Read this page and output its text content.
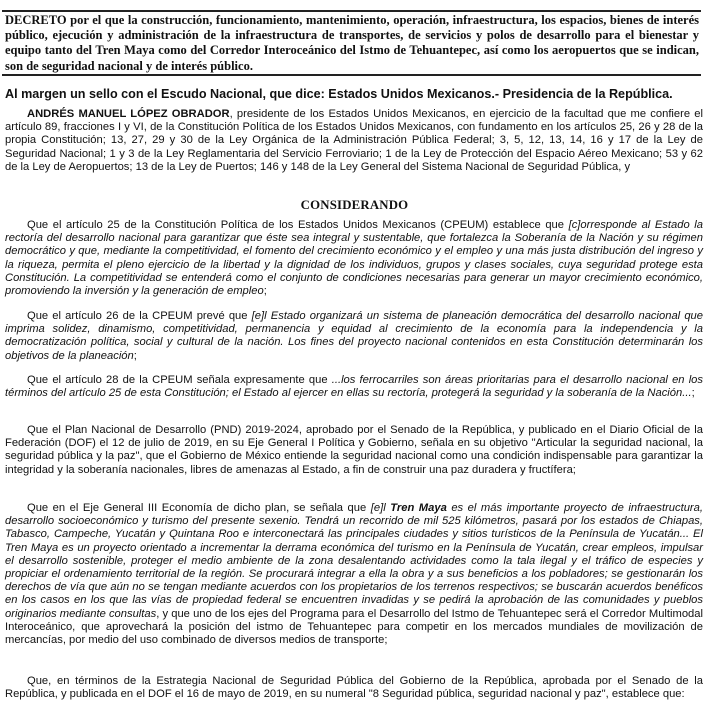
DECRETO por el que la construcción, funcionamiento, mantenimiento, operación, infraestructura, los espacios, bienes de interés público, ejecución y administración de la infraestructura de transportes, de servicios y polos de desarrollo para el bienestar y equipo tanto del Tren Maya como del Corredor Interoceánico del Istmo de Tehuantepec, así como los aeropuertos que se indican, son de seguridad nacional y de interés público.
Al margen un sello con el Escudo Nacional, que dice: Estados Unidos Mexicanos.- Presidencia de la República.

ANDRÉS MANUEL LÓPEZ OBRADOR, presidente de los Estados Unidos Mexicanos, en ejercicio de la facultad que me confiere el artículo 89, fracciones I y VI, de la Constitución Política de los Estados Unidos Mexicanos, con fundamento en los artículos 25, 26 y 28 de la propia Constitución; 13, 27, 29 y 30 de la Ley Orgánica de la Administración Pública Federal; 3, 5, 12, 13, 14, 16 y 17 de la Ley de Seguridad Nacional; 1 y 3 de la Ley Reglamentaria del Servicio Ferroviario; 1 de la Ley de Protección del Espacio Aéreo Mexicano; 53 y 62 de la Ley de Aeropuertos; 13 de la Ley de Puertos; 146 y 148 de la Ley General del Sistema Nacional de Seguridad Pública, y

CONSIDERANDO

Que el artículo 25 de la Constitución Política de los Estados Unidos Mexicanos (CPEUM) establece que [c]orresponde al Estado la rectoría del desarrollo nacional para garantizar que éste sea integral y sustentable, que fortalezca la Soberanía de la Nación y su régimen democrático y que, mediante la competitividad, el fomento del crecimiento económico y el empleo y una más justa distribución del ingreso y la riqueza, permita el pleno ejercicio de la libertad y la dignidad de los individuos, grupos y clases sociales, cuya seguridad protege esta Constitución. La competitividad se entenderá como el conjunto de condiciones necesarias para generar un mayor crecimiento económico, promoviendo la inversión y la generación de empleo;

Que el artículo 26 de la CPEUM prevé que [e]l Estado organizará un sistema de planeación democrática del desarrollo nacional que imprima solidez, dinamismo, competitividad, permanencia y equidad al crecimiento de la economía para la independencia y la democratización política, social y cultural de la nación. Los fines del proyecto nacional contenidos en esta Constitución determinarán los objetivos de la planeación;

Que el artículo 28 de la CPEUM señala expresamente que ...los ferrocarriles son áreas prioritarias para el desarrollo nacional en los términos del artículo 25 de esta Constitución; el Estado al ejercer en ellas su rectoría, protegerá la seguridad y la soberanía de la Nación...;

Que el Plan Nacional de Desarrollo (PND) 2019-2024, aprobado por el Senado de la República, y publicado en el Diario Oficial de la Federación (DOF) el 12 de julio de 2019, en su Eje General I Política y Gobierno, señala en su objetivo "Articular la seguridad nacional, la seguridad pública y la paz", que el Gobierno de México entiende la seguridad nacional como una condición indispensable para garantizar la integridad y la soberanía nacionales, libres de amenazas al Estado, a fin de construir una paz duradera y fructífera;

Que en el Eje General III Economía de dicho plan, se señala que [e]l Tren Maya es el más importante proyecto de infraestructura, desarrollo socioeconómico y turismo del presente sexenio. Tendrá un recorrido de mil 525 kilómetros, pasará por los estados de Chiapas, Tabasco, Campeche, Yucatán y Quintana Roo e interconectará las principales ciudades y sitios turísticos de la Península de Yucatán... El Tren Maya es un proyecto orientado a incrementar la derrama económica del turismo en la Península de Yucatán, crear empleos, impulsar el desarrollo sostenible, proteger el medio ambiente de la zona desalentando actividades como la tala ilegal y el tráfico de especies y propiciar el ordenamiento territorial de la región. Se procurará integrar a ella la obra y a sus beneficios a los pobladores; se gestionarán los derechos de vía que aún no se tengan mediante acuerdos con los propietarios de los terrenos respectivos; se buscarán acuerdos benéficos en los casos en los que las vías de propiedad federal se encuentren invadidas y se pedirá la aprobación de las comunidades y pueblos originarios mediante consultas, y que uno de los ejes del Programa para el Desarrollo del Istmo de Tehuantepec será el Corredor Multimodal Interoceánico, que aprovechará la posición del istmo de Tehuantepec para competir en los mercados mundiales de movilización de mercancías, por medio del uso combinado de diversos medios de transporte;

Que, en términos de la Estrategia Nacional de Seguridad Pública del Gobierno de la República, aprobada por el Senado de la República, y publicada en el DOF el 16 de mayo de 2019, en su numeral "8 Seguridad pública, seguridad nacional y paz", establece que:
